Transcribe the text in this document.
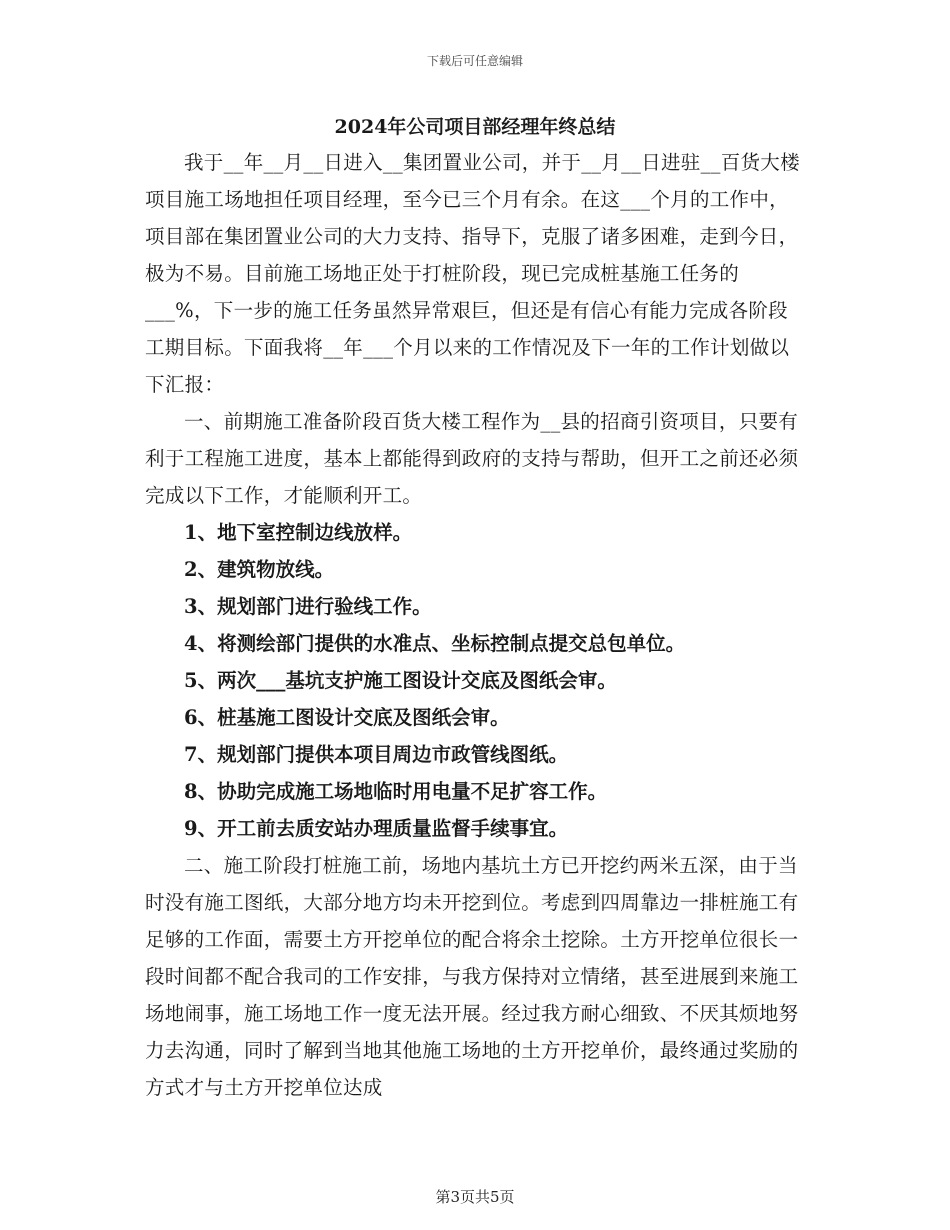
下载后可任意编辑
2024年公司项目部经理年终总结

我于__年__月__日进入__集团置业公司，并于__月__日进驻__百货大楼项目施工场地担任项目经理，至今已三个月有余。在这___个月的工作中，项目部在集团置业公司的大力支持、指导下，克服了诸多困难，走到今日，极为不易。目前施工场地正处于打桩阶段，现已完成桩基施工任务的___%，下一步的施工任务虽然异常艰巨，但还是有信心有能力完成各阶段工期目标。下面我将__年___个月以来的工作情况及下一年的工作计划做以下汇报：

一、前期施工准备阶段百货大楼工程作为__县的招商引资项目，只要有利于工程施工进度，基本上都能得到政府的支持与帮助，但开工之前还必须完成以下工作，才能顺利开工。

1、地下室控制边线放样。
2、建筑物放线。
3、规划部门进行验线工作。
4、将测绘部门提供的水准点、坐标控制点提交总包单位。
5、两次___基坑支护施工图设计交底及图纸会审。
6、桩基施工图设计交底及图纸会审。
7、规划部门提供本项目周边市政管线图纸。
8、协助完成施工场地临时用电量不足扩容工作。
9、开工前去质安站办理质量监督手续事宜。

二、施工阶段打桩施工前，场地内基坑土方已开挖约两米五深，由于当时没有施工图纸，大部分地方均未开挖到位。考虑到四周靠边一排桩施工有足够的工作面，需要土方开挖单位的配合将余土挖除。土方开挖单位很长一段时间都不配合我司的工作安排，与我方保持对立情绪，甚至进展到来施工场地闹事，施工场地工作一度无法开展。经过我方耐心细致、不厌其烦地努力去沟通，同时了解到当地其他施工场地的土方开挖单价，最终通过奖励的方式才与土方开挖单位达成

第3页共5页
